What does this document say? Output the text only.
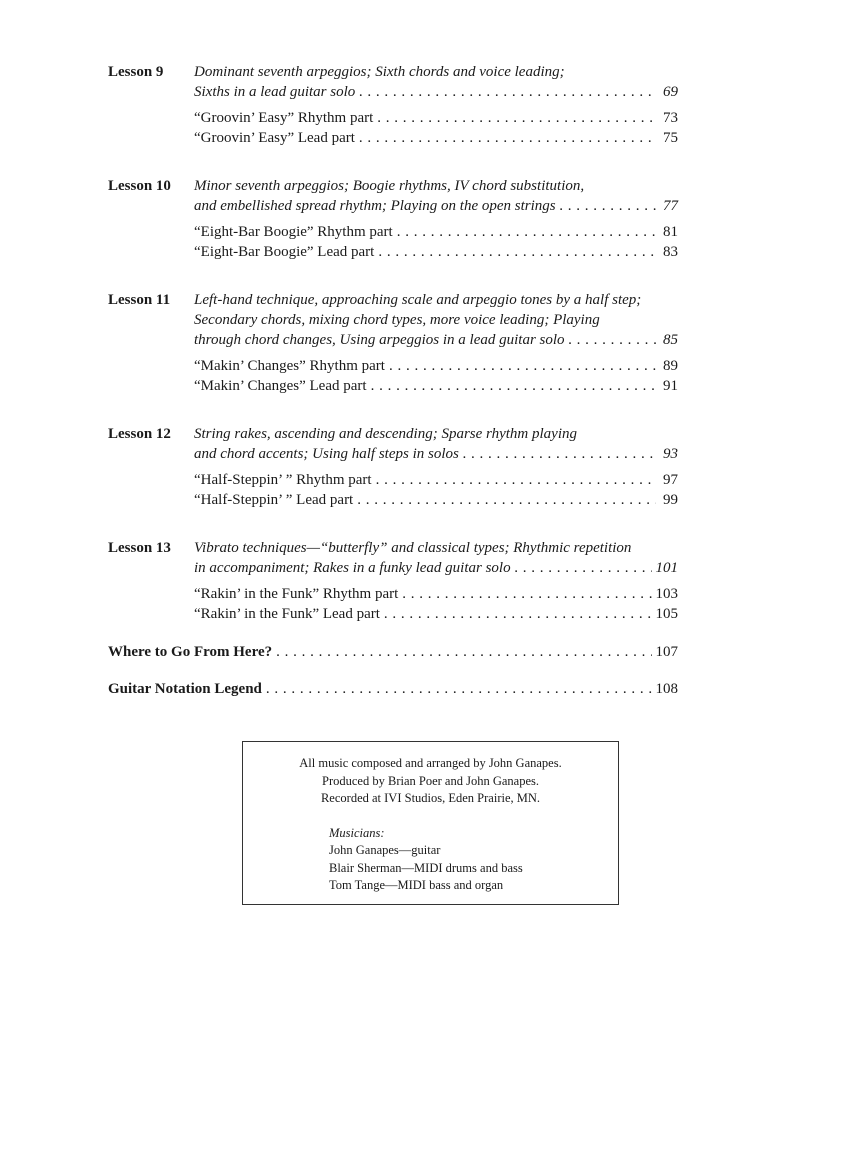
Lesson 9	Dominant seventh arpeggios; Sixth chords and voice leading;
Sixths in a lead guitar solo . . .	69
“Groovin’ Easy” Rhythm part . . .	73
“Groovin’ Easy” Lead part . . .	75
Lesson 10	Minor seventh arpeggios; Boogie rhythms, IV chord substitution,
and embellished spread rhythm; Playing on the open strings . . .	77
“Eight-Bar Boogie” Rhythm part . . .	81
“Eight-Bar Boogie” Lead part . . .	83
Lesson 11	Left-hand technique, approaching scale and arpeggio tones by a half step;
Secondary chords, mixing chord types, more voice leading; Playing
through chord changes, Using arpeggios in a lead guitar solo . . .	85
“Makin’ Changes” Rhythm part . . .	89
“Makin’ Changes” Lead part . . .	91
Lesson 12	String rakes, ascending and descending; Sparse rhythm playing
and chord accents; Using half steps in solos . . .	93
“Half-Steppin’ ” Rhythm part . . .	97
“Half-Steppin’ ” Lead part . . .	99
Lesson 13	Vibrato techniques—“butterfly” and classical types; Rhythmic repetition
in accompaniment; Rakes in a funky lead guitar solo . . .	101
“Rakin’ in the Funk” Rhythm part . . .	103
“Rakin’ in the Funk” Lead part . . .	105
Where to Go From Here? . . .	107
Guitar Notation Legend . . .	108
All music composed and arranged by John Ganapes.
Produced by Brian Poer and John Ganapes.
Recorded at IVI Studios, Eden Prairie, MN.
Musicians:
John Ganapes—guitar
Blair Sherman—MIDI drums and bass
Tom Tange—MIDI bass and organ
